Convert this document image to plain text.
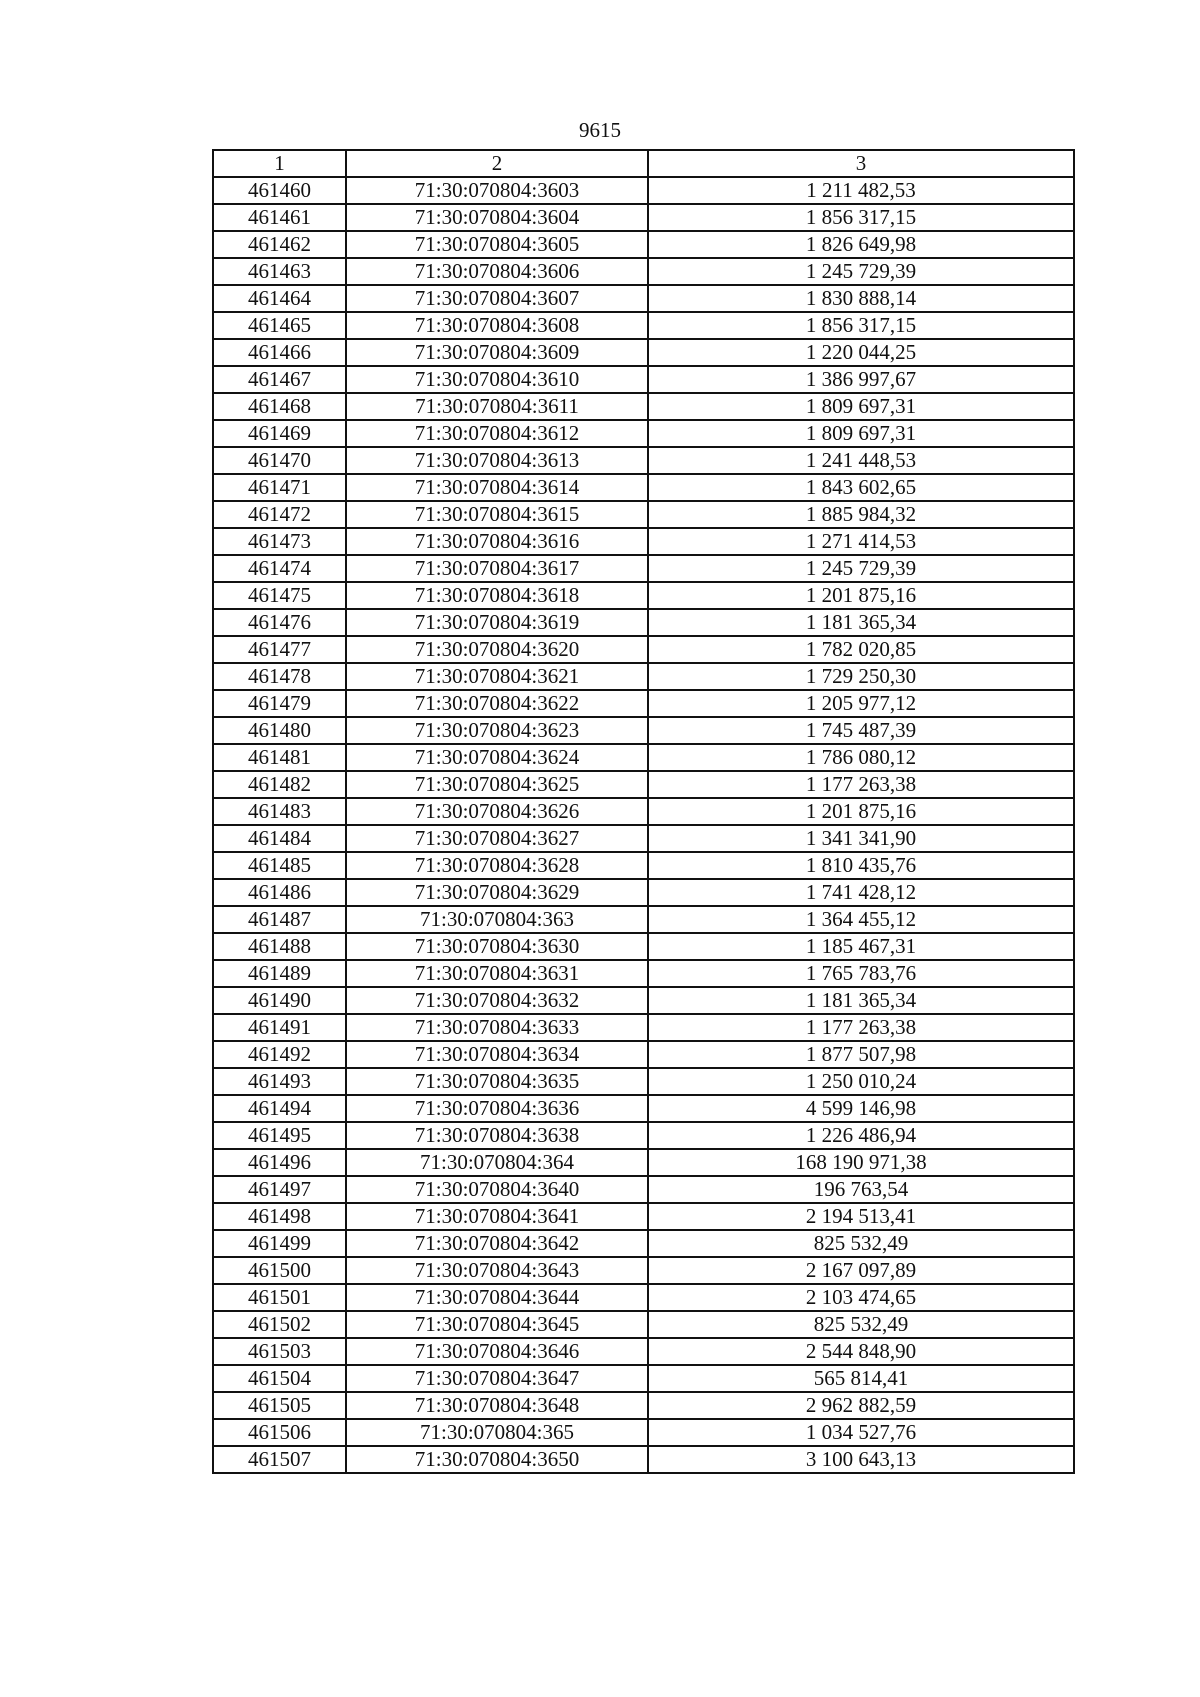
9615
1	2	3
461460	71:30:070804:3603	1 211 482,53
461461	71:30:070804:3604	1 856 317,15
461462	71:30:070804:3605	1 826 649,98
461463	71:30:070804:3606	1 245 729,39
461464	71:30:070804:3607	1 830 888,14
461465	71:30:070804:3608	1 856 317,15
461466	71:30:070804:3609	1 220 044,25
461467	71:30:070804:3610	1 386 997,67
461468	71:30:070804:3611	1 809 697,31
461469	71:30:070804:3612	1 809 697,31
461470	71:30:070804:3613	1 241 448,53
461471	71:30:070804:3614	1 843 602,65
461472	71:30:070804:3615	1 885 984,32
461473	71:30:070804:3616	1 271 414,53
461474	71:30:070804:3617	1 245 729,39
461475	71:30:070804:3618	1 201 875,16
461476	71:30:070804:3619	1 181 365,34
461477	71:30:070804:3620	1 782 020,85
461478	71:30:070804:3621	1 729 250,30
461479	71:30:070804:3622	1 205 977,12
461480	71:30:070804:3623	1 745 487,39
461481	71:30:070804:3624	1 786 080,12
461482	71:30:070804:3625	1 177 263,38
461483	71:30:070804:3626	1 201 875,16
461484	71:30:070804:3627	1 341 341,90
461485	71:30:070804:3628	1 810 435,76
461486	71:30:070804:3629	1 741 428,12
461487	71:30:070804:363	1 364 455,12
461488	71:30:070804:3630	1 185 467,31
461489	71:30:070804:3631	1 765 783,76
461490	71:30:070804:3632	1 181 365,34
461491	71:30:070804:3633	1 177 263,38
461492	71:30:070804:3634	1 877 507,98
461493	71:30:070804:3635	1 250 010,24
461494	71:30:070804:3636	4 599 146,98
461495	71:30:070804:3638	1 226 486,94
461496	71:30:070804:364	168 190 971,38
461497	71:30:070804:3640	196 763,54
461498	71:30:070804:3641	2 194 513,41
461499	71:30:070804:3642	825 532,49
461500	71:30:070804:3643	2 167 097,89
461501	71:30:070804:3644	2 103 474,65
461502	71:30:070804:3645	825 532,49
461503	71:30:070804:3646	2 544 848,90
461504	71:30:070804:3647	565 814,41
461505	71:30:070804:3648	2 962 882,59
461506	71:30:070804:365	1 034 527,76
461507	71:30:070804:3650	3 100 643,13
